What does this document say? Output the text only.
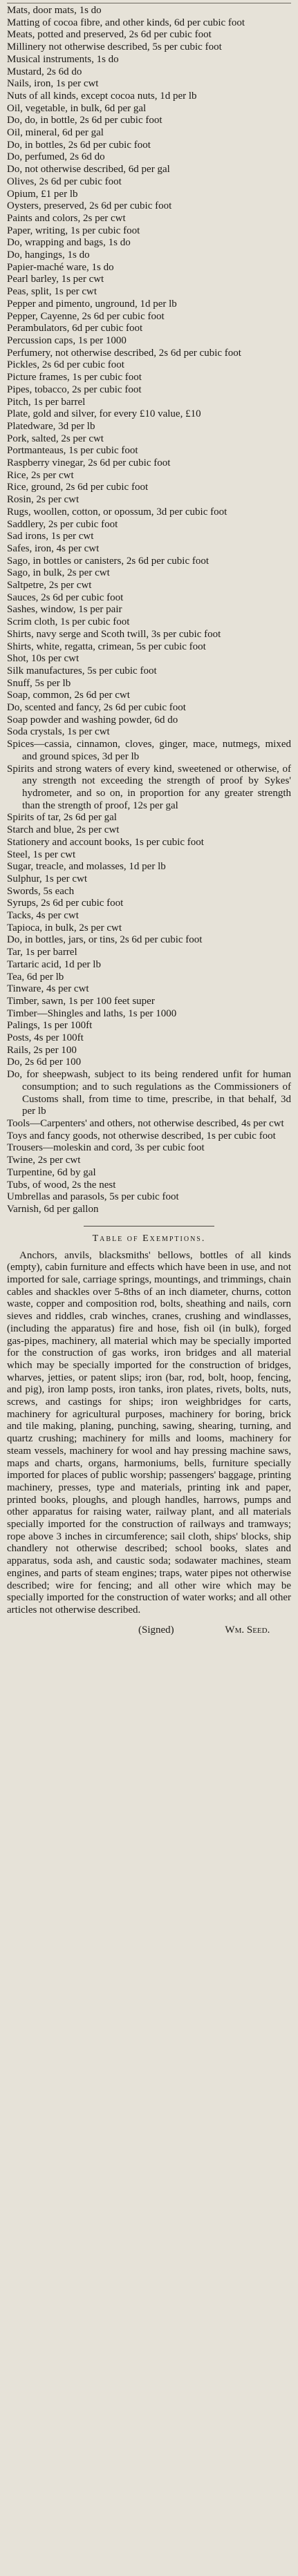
Mats, door mats, 1s do
Matting of cocoa fibre, and other kinds, 6d per cubic foot
Meats, potted and preserved, 2s 6d per cubic foot
Millinery not otherwise described, 5s per cubic foot
Musical instruments, 1s do
Mustard, 2s 6d do
Nails, iron, 1s per cwt
Nuts of all kinds, except cocoa nuts, 1d per lb
Oil, vegetable, in bulk, 6d per gal
Do, do, in bottle, 2s 6d per cubic foot
Oil, mineral, 6d per gal
Do, in bottles, 2s 6d per cubic foot
Do, perfumed, 2s 6d do
Do, not otherwise described, 6d per gal
Olives, 2s 6d per cubic foot
Opium, £1 per lb
Oysters, preserved, 2s 6d per cubic foot
Paints and colors, 2s per cwt
Paper, writing, 1s per cubic foot
Do, wrapping and bags, 1s do
Do, hangings, 1s do
Papier-maché ware, 1s do
Pearl barley, 1s per cwt
Peas, split, 1s per cwt
Pepper and pimento, unground, 1d per lb
Pepper, Cayenne, 2s 6d per cubic foot
Perambulators, 6d per cubic foot
Percussion caps, 1s per 1000
Perfumery, not otherwise described, 2s 6d per cubic foot
Pickles, 2s 6d per cubic foot
Picture frames, 1s per cubic foot
Pipes, tobacco, 2s per cubic foot
Pitch, 1s per barrel
Plate, gold and silver, for every £10 value, £10
Platedware, 3d per lb
Pork, salted, 2s per cwt
Portmanteaus, 1s per cubic foot
Raspberry vinegar, 2s 6d per cubic foot
Rice, 2s per cwt
Rice, ground, 2s 6d per cubic foot
Rosin, 2s per cwt
Rugs, woollen, cotton, or opossum, 3d per cubic foot
Saddlery, 2s per cubic foot
Sad irons, 1s per cwt
Safes, iron, 4s per cwt
Sago, in bottles or canisters, 2s 6d per cubic foot
Sago, in bulk, 2s per cwt
Saltpetre, 2s per cwt
Sauces, 2s 6d per cubic foot
Sashes, window, 1s per pair
Scrim cloth, 1s per cubic foot
Shirts, navy serge and Scoth twill, 3s per cubic foot
Shirts, white, regatta, crimean, 5s per cubic foot
Shot, 10s per cwt
Silk manufactures, 5s per cubic foot
Snuff, 5s per lb
Soap, common, 2s 6d per cwt
Do, scented and fancy, 2s 6d per cubic foot
Soap powder and washing powder, 6d do
Soda crystals, 1s per cwt
Spices—cassia, cinnamon, cloves, ginger, mace, nutmegs, mixed and ground spices, 3d per lb
Spirits and strong waters of every kind, sweetened or otherwise, of any strength not exceeding the strength of proof by Sykes' hydrometer, and so on, in proportion for any greater strength than the strength of proof, 12s per gal
Spirits of tar, 2s 6d per gal
Starch and blue, 2s per cwt
Stationery and account books, 1s per cubic foot
Steel, 1s per cwt
Sugar, treacle, and molasses, 1d per lb
Sulphur, 1s per cwt
Swords, 5s each
Syrups, 2s 6d per cubic foot
Tacks, 4s per cwt
Tapioca, in bulk, 2s per cwt
Do, in bottles, jars, or tins, 2s 6d per cubic foot
Tar, 1s per barrel
Tartaric acid, 1d per lb
Tea, 6d per lb
Tinware, 4s per cwt
Timber, sawn, 1s per 100 feet super
Timber—Shingles and laths, 1s per 1000
Palings, 1s per 100ft
Posts, 4s per 100ft
Rails, 2s per 100
Do, 2s 6d per 100
Do, for sheepwash, subject to its being rendered unfit for human consumption; and to such regulations as the Commissioners of Customs shall, from time to time, prescribe, in that behalf, 3d per lb
Tools—Carpenters' and others, not otherwise described, 4s per cwt
Toys and fancy goods, not otherwise described, 1s per cubic foot
Trousers—moleskin and cord, 3s per cubic foot
Twine, 2s per cwt
Turpentine, 6d by gal
Tubs, of wood, 2s the nest
Umbrellas and parasols, 5s per cubic foot
Varnish, 6d per gallon
Table of Exemptions.
Anchors, anvils, blacksmiths' bellows, bottles of all kinds (empty), cabin furniture and effects which have been in use, and not imported for sale, carriage springs, mountings, and trimmings, chain cables and shackles over 5-8ths of an inch diameter, churns, cotton waste, copper and composition rod, bolts, sheathing and nails, corn sieves and riddles, crab winches, cranes, crushing and windlasses, (including the apparatus) fire and hose, fish oil (in bulk), forged gas-pipes, machinery, all material which may be specially imported for the construction of gas works, iron bridges and all material which may be specially imported for the construction of bridges, wharves, jetties, or patent slips; iron (bar, rod, bolt, hoop, fencing, and pig), iron lamp posts, iron tanks, iron plates, rivets, bolts, nuts, screws, and castings for ships; iron weighbridges for carts, machinery for agricultural purposes, machinery for boring, brick and tile making, planing, punching, sawing, shearing, turning, and quartz crushing; machinery for mills and looms, machinery for steam vessels, machinery for wool and hay pressing machine saws, maps and charts, organs, harmoniums, bells, furniture specially imported for places of public worship; passengers' baggage, printing machinery, presses, type and materials, printing ink and paper, printed books, ploughs, and plough handles, harrows, pumps and other apparatus for raising water, railway plant, and all materials specially imported for the construction of railways and tramways; rope above 3 inches in circumference; sail cloth, ships' blocks, ship chandlery not otherwise described; school books, slates and apparatus, soda ash, and caustic soda; sodawater machines, steam engines, and parts of steam engines; traps, water pipes not otherwise described; wire for fencing; and all other wire which may be specially imported for the construction of water works; and all other articles not otherwise described.
(Signed)	Wm. Seed.
